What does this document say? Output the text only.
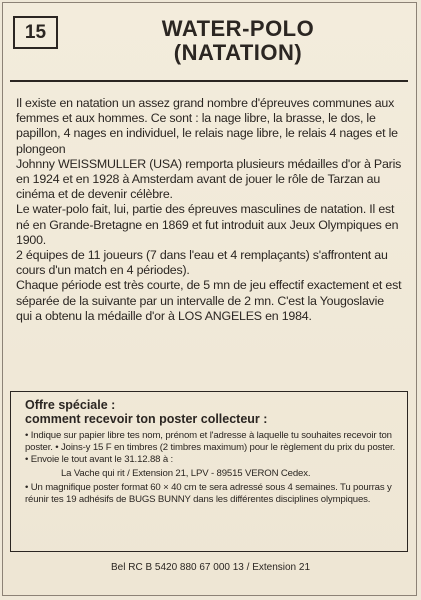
15	WATER-POLO
(NATATION)

Il existe en natation un assez grand nombre d'épreuves communes aux femmes et aux hommes. Ce sont : la nage libre, la brasse, le dos, le papillon, 4 nages en individuel, le relais nage libre, le relais 4 nages et le plongeon

Johnny WEISSMULLER (USA) remporta plusieurs médailles d'or à Paris en 1924 et en 1928 à Amsterdam avant de jouer le rôle de Tarzan au cinéma et de devenir célèbre.

Le water-polo fait, lui, partie des épreuves masculines de natation. Il est né en Grande-Bretagne en 1869 et fut introduit aux Jeux Olympiques en 1900.

2 équipes de 11 joueurs (7 dans l'eau et 4 remplaçants) s'affrontent au cours d'un match en 4 périodes).

Chaque période est très courte, de 5 mn de jeu effectif exactement et est séparée de la suivante par un intervalle de 2 mn. C'est la Yougoslavie qui a obtenu la médaille d'or à LOS ANGELES en 1984.

Offre spéciale :
comment recevoir ton poster collecteur :

• Indique sur papier libre tes nom, prénom et l'adresse à laquelle tu souhaites recevoir ton poster. • Joins-y 15 F en timbres (2 timbres maximum) pour le règlement du prix du poster. • Envoie le tout avant le 31.12.88 à :

La Vache qui rit / Extension 21, LPV - 89515 VERON Cedex.

• Un magnifique poster format 60 × 40 cm te sera adressé sous 4 semaines. Tu pourras y réunir tes 19 adhésifs de BUGS BUNNY dans les différentes disciplines olympiques.

Bel RC B 5420 880 67 000 13 / Extension 21
